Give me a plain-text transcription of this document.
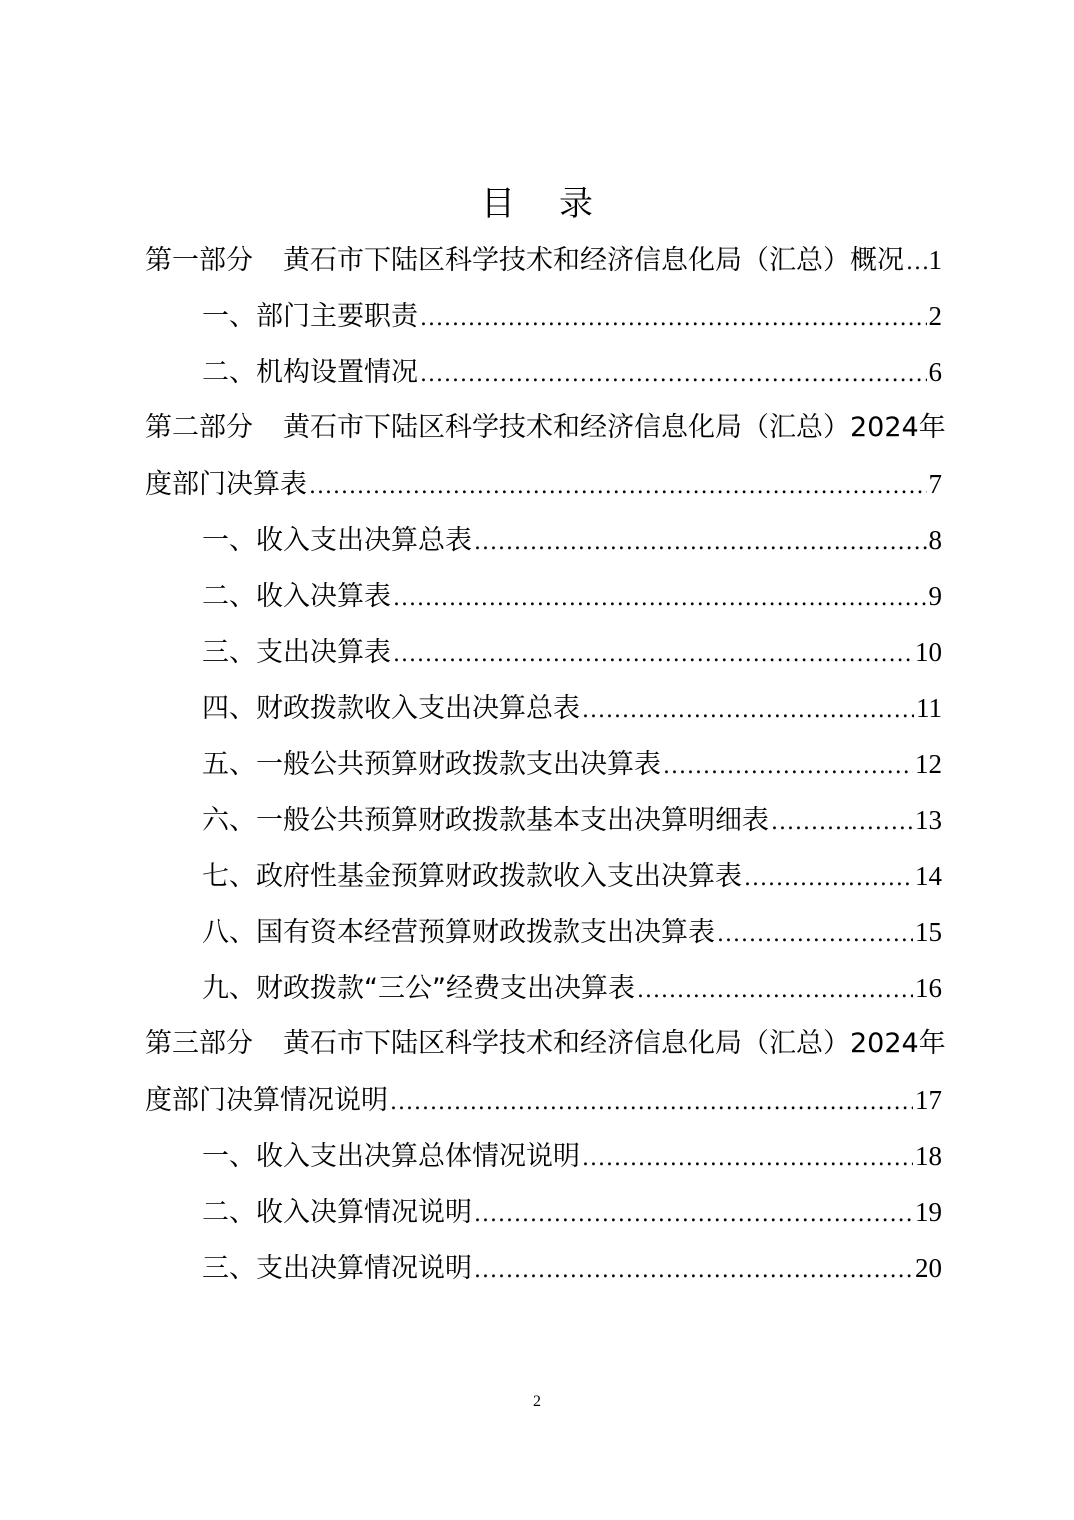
目录
第一部分 黄石市下陆区科学技术和经济信息化局（汇总）概况 ..... 1
一、部门主要职责 .....	2
二、机构设置情况 .....	6
第二部分 黄石市下陆区科学技术和经济信息化局（汇总）2024 年
度部门决算表 .....	7
一、收入支出决算总表 .....	8
二、收入决算表 .....	9
三、支出决算表 .....	10
四、财政拨款收入支出决算总表 .....	11
五、一般公共预算财政拨款支出决算表 .....	12
六、一般公共预算财政拨款基本支出决算明细表 .....	13
七、政府性基金预算财政拨款收入支出决算表 .....	14
八、国有资本经营预算财政拨款支出决算表 .....	15
九、财政拨款“三公”经费支出决算表 .....	16
第三部分 黄石市下陆区科学技术和经济信息化局（汇总）2024 年
度部门决算情况说明 .....	17
一、收入支出决算总体情况说明 .....	18
二、收入决算情况说明 .....	19
三、支出决算情况说明 .....	20
2
